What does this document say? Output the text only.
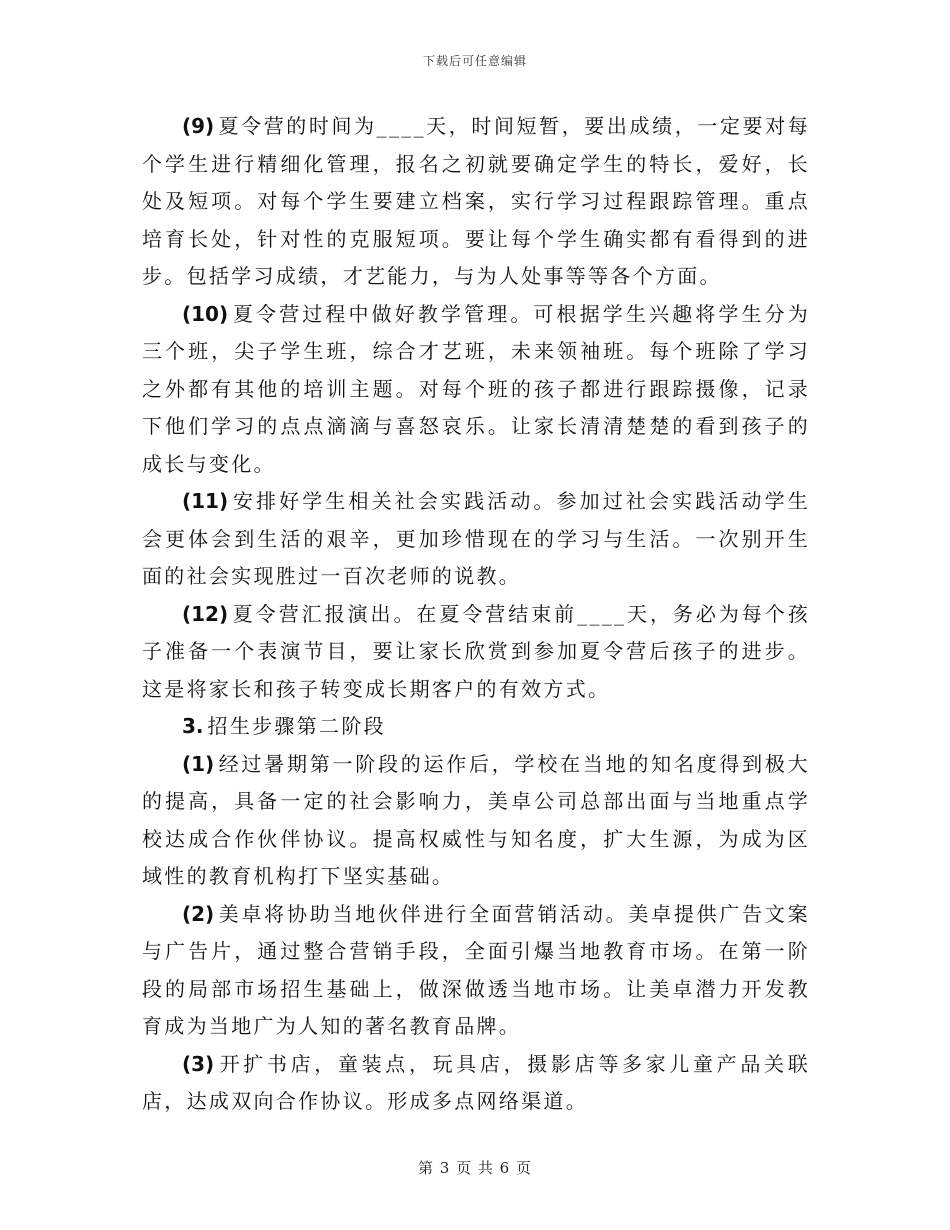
下载后可任意编辑

(9) 夏令营的时间为____天，时间短暂，要出成绩，一定要对每个学生进行精细化管理，报名之初就要确定学生的特长，爱好，长处及短项。对每个学生要建立档案，实行学习过程跟踪管理。重点培育长处，针对性的克服短项。要让每个学生确实都有看得到的进步。包括学习成绩，才艺能力，与为人处事等等各个方面。

(10) 夏令营过程中做好教学管理。可根据学生兴趣将学生分为三个班，尖子学生班，综合才艺班，未来领袖班。每个班除了学习之外都有其他的培训主题。对每个班的孩子都进行跟踪摄像，记录下他们学习的点点滴滴与喜怒哀乐。让家长清清楚楚的看到孩子的成长与变化。

(11) 安排好学生相关社会实践活动。参加过社会实践活动学生会更体会到生活的艰辛，更加珍惜现在的学习与生活。一次别开生面的社会实现胜过一百次老师的说教。

(12) 夏令营汇报演出。在夏令营结束前____天，务必为每个孩子准备一个表演节目，要让家长欣赏到参加夏令营后孩子的进步。这是将家长和孩子转变成长期客户的有效方式。

3. 招生步骤第二阶段

(1) 经过暑期第一阶段的运作后，学校在当地的知名度得到极大的提高，具备一定的社会影响力，美卓公司总部出面与当地重点学校达成合作伙伴协议。提高权威性与知名度，扩大生源，为成为区域性的教育机构打下坚实基础。

(2) 美卓将协助当地伙伴进行全面营销活动。美卓提供广告文案与广告片，通过整合营销手段，全面引爆当地教育市场。在第一阶段的局部市场招生基础上，做深做透当地市场。让美卓潜力开发教育成为当地广为人知的著名教育品牌。

(3) 开扩书店，童装点，玩具店，摄影店等多家儿童产品关联店，达成双向合作协议。形成多点网络渠道。

第 3 页 共 6 页
